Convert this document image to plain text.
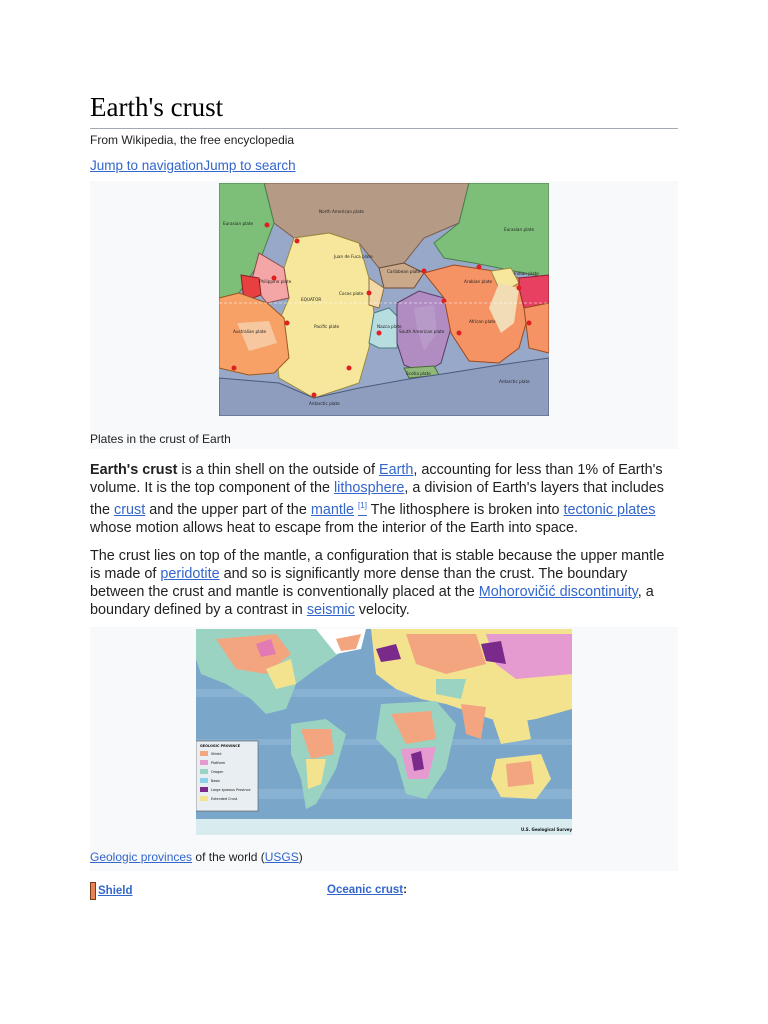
Earth's crust
From Wikipedia, the free encyclopedia
Jump to navigationJump to search
Eurasian plate
North American plate
Eurasian plate
Juan de Fuca plate
Caribbean plate
Philippine plate
Cocos plate
Arabian plate
Indian plate
African plate
Australian plate
Pacific plate	Nazca plate
South American plate
Antarctic plate
Scotia plate
Antarctic plate
EQUATOR
Plates in the crust of Earth

Earth's crust is a thin shell on the outside of Earth, accounting for less than 1% of Earth's volume. It is the top component of the lithosphere, a division of Earth's layers that includes the crust and the upper part of the mantle [1] The lithosphere is broken into tectonic plates whose motion allows heat to escape from the interior of the Earth into space.

The crust lies on top of the mantle, a configuration that is stable because the upper mantle is made of peridotite and so is significantly more dense than the crust. The boundary between the crust and mantle is conventionally placed at the Mohorovičić discontinuity, a boundary defined by a contrast in seismic velocity.

GEOLOGIC PROVINCE
Shield
Platform
Orogen
Basin
Large igneous Province
Extended Crust
U.S. Geological Survey
Geologic provinces of the world (USGS)
Shield	Oceanic crust:
